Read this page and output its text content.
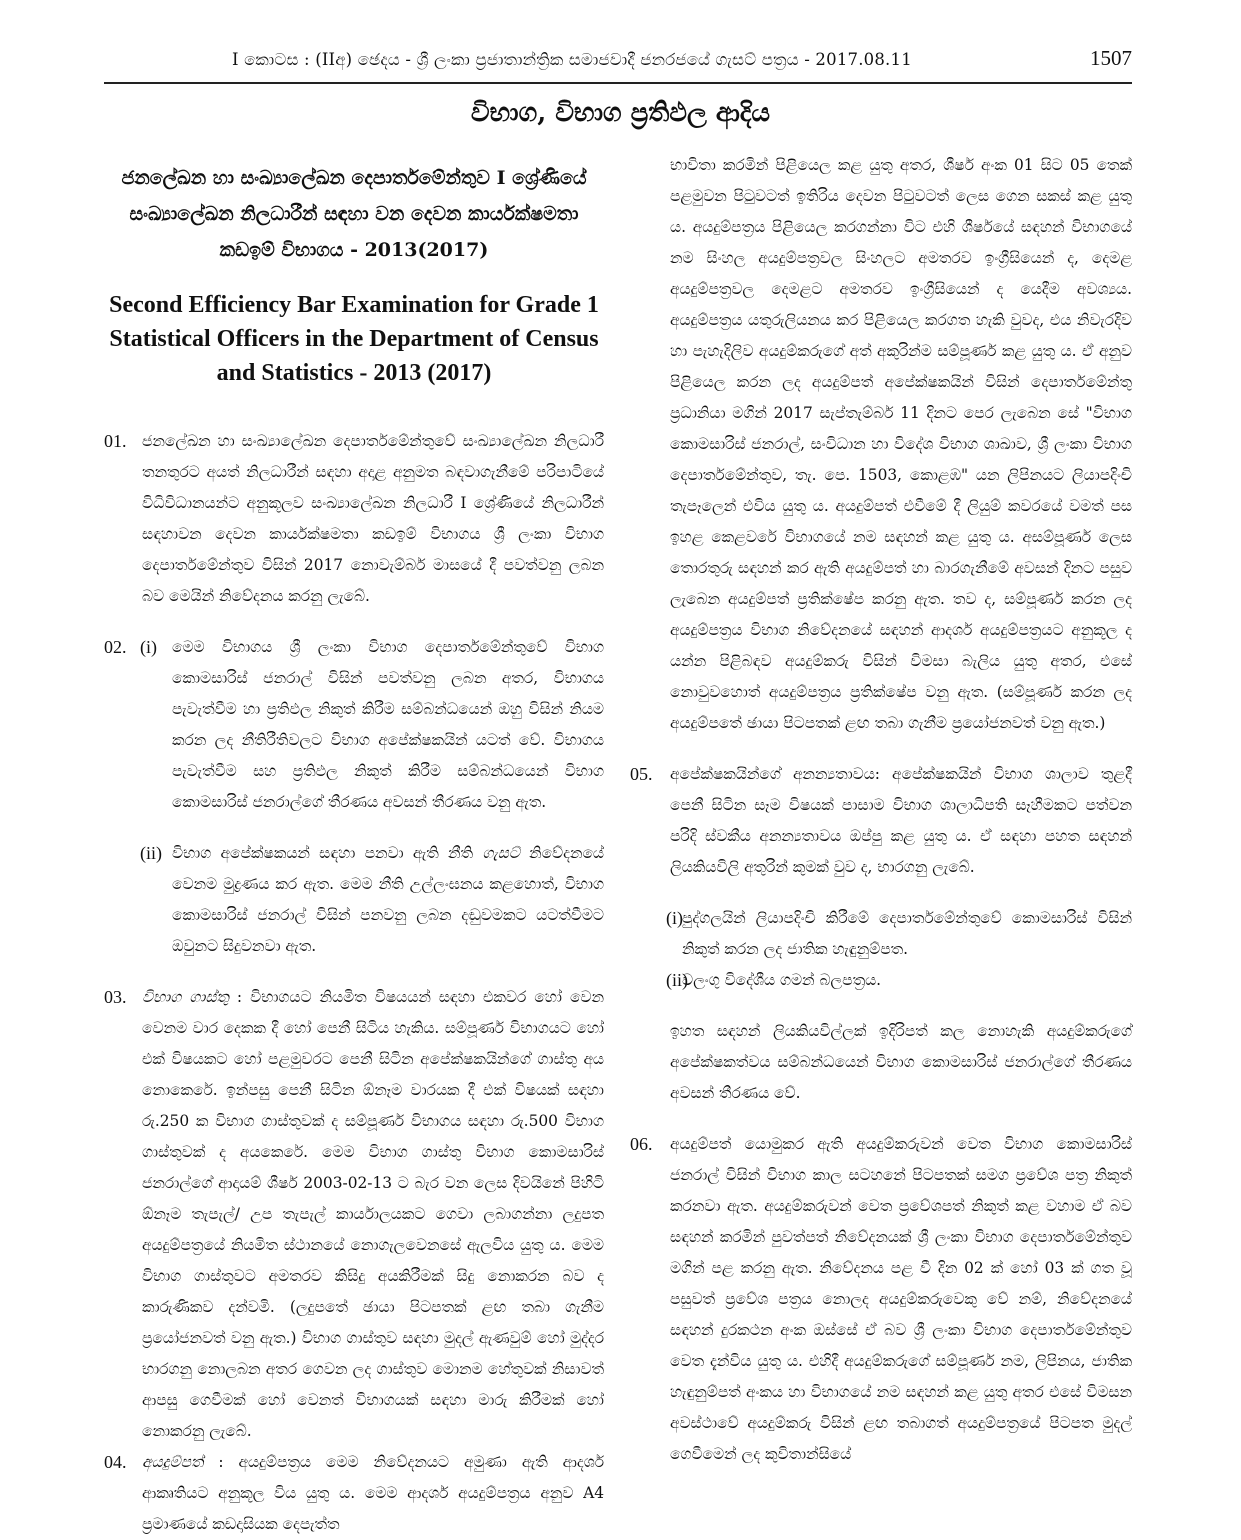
I කොටස : (IIඅ) ඡෙදය - ශ්‍රී ලංකා ප්‍රජාතාන්ත්‍රික සමාජවාදී ජනරජයේ ගැසට් පත්‍රය - 2017.08.11	1507
විභාග, විභාග ප්‍රතිඵල ආදිය
ජනලේඛන හා සංඛ්‍යාලේඛන දෙපාර්තමේන්තුව I ශ්‍රේණියේ සංඛ්‍යාලේඛන නිලධාරීන් සඳහා වන දෙවන කාර්යක්ෂමතා කඩඉම් විභාගය - 2013(2017)
Second Efficiency Bar Examination for Grade 1 Statistical Officers in the Department of Census and Statistics - 2013 (2017)
01. ජනලේඛන හා සංඛ්‍යාලේඛන දෙපාර්තමේන්තුවේ සංඛ්‍යාලේඛන නිලධාරී තනතුරට අයත් නිලධාරීන් සඳහා අදාළ අනුමත බඳවාගැනීමේ පරිපාටියේ විධිවිධානයන්ට අනුකූලව සංඛ්‍යාලේඛන නිලධාරී I ශ්‍රේණියේ නිලධාරීන් සඳහාවන දෙවන කාර්යක්ෂමතා කඩඉම් විභාගය ශ්‍රී ලංකා විභාග දෙපාර්තමේන්තුව විසින් 2017 නොවැම්බර් මාසයේ දී පවත්වනු ලබන බව මෙයින් නිවේදනය කරනු ලැබේ.

02. (i) මෙම විභාගය ශ්‍රී ලංකා විභාග දෙපාර්තමේන්තුවේ විභාග කොමසාරිස් ජනරාල් විසින් පවත්වනු ලබන අතර, විභාගය පැවැත්වීම හා ප්‍රතිඵල නිකුත් කිරීම සම්බන්ධයෙන් ඔහු විසින් නියම කරන ලද නීතිරීතිවලට විභාග අපේක්ෂකයින් යටත් වේ. විභාගය පැවැත්වීම සහ ප්‍රතිඵල නිකුත් කිරීම සම්බන්ධයෙන් විභාග කොමසාරිස් ජනරාල්ගේ තීරණය අවසන් තීරණය වනු ඇත.

(ii) විභාග අපේක්ෂකයන් සඳහා පනවා ඇති නීති ගැසට් නිවේදනයේ වෙනම මුද්‍රණය කර ඇත. මෙම නීති උල්ලංඝනය කළහොත්, විභාග කොමසාරිස් ජනරාල් විසින් පනවනු ලබන දඬුවමකට යටත්වීමට ඔවුනට සිදුවනවා ඇත.

03. විභාග ගාස්තු : විභාගයට නියමිත විෂයයන් සඳහා එකවර හෝ වෙන වෙනම වාර දෙකක දී හෝ පෙනී සිටිය හැකිය. සම්පූර්ණ විභාගයට හෝ එක් විෂයකට හෝ පළමුවරට පෙනී සිටින අපේක්ෂකයින්ගේ ගාස්තු අය නොකෙරේ. ඉන්පසු පෙනී සිටින ඕනෑම වාරයක දී එක් විෂයක් සඳහා රු.250 ක විභාග ගාස්තුවක් ද සම්පූර්ණ විභාගය සඳහා රු.500 විභාග ගාස්තුවක් ද අයකෙරේ. මෙම විභාග ගාස්තු විභාග කොමසාරිස් ජනරාල්ගේ ආදායම් ශීර්ෂ 2003-02-13 ට බැර වන ලෙස දිවයිනේ පිහිටි ඕනෑම තැපැල්/ උප තැපැල් කාර්යාලයකට ගෙවා ලබාගන්නා ලදුපත අයදුම්පත්‍රයේ නියමිත ස්ථානයේ නොගැලවෙනසේ ඇලවිය යුතු ය. මෙම විභාග ගාස්තුවට අමතරව කිසිදු අයකිරීමක් සිදු නොකරන බව ද කාරුණිකව දන්වමි. (ලදුපතේ ඡායා පිටපතක් ළඟ තබා ගැනීම ප්‍රයෝජනවත් වනු ඇත.) විභාග ගාස්තුව සඳහා මුදල් ඇණවුම් හෝ මුද්දර භාරගනු නොලබන අතර ගෙවන ලද ගාස්තුව මොනම හේතුවක් නිසාවත් ආපසු ගෙවීමක් හෝ වෙනත් විභාගයක් සඳහා මාරු කිරීමක් හෝ නොකරනු ලැබේ.

04. අයදුම්පත් : අයදුම්පත්‍රය මෙම නිවේදනයට අමුණා ඇති ආදර්ශ ආකෘතියට අනුකූල විය යුතු ය. මෙම ආදර්ශ අයදුම්පත්‍රය අනුව A4 ප්‍රමාණයේ කඩදාසියක දෙපැත්ත

භාවිතා කරමින් පිළියෙල කළ යුතු අතර, ශීර්ෂ අංක 01 සිට 05 තෙක් පළමුවන පිටුවටත් ඉතිරිය දෙවන පිටුවටත් ලෙස ගෙන සකස් කළ යුතු ය. අයදුම්පත්‍රය පිළියෙල කරගන්නා විට එහි ශීර්ෂයේ සඳහන් විභාගයේ නම සිංහල අයදුම්පත්‍රවල සිංහලට අමතරව ඉංග්‍රීසියෙන් ද, දෙමළ අයදුම්පත්‍රවල දෙමළට අමතරව ඉංග්‍රීසියෙන් ද යෙදීම අවශ්‍යය. අයදුම්පත්‍රය යතුරුලියනය කර පිළියෙල කරගත හැකි වුවද, එය නිවැරදිව හා පැහැදිලිව අයදුම්කරුගේ අත් අකුරින්ම සම්පූර්ණ කළ යුතු ය. ඒ අනුව පිළියෙල කරන ලද අයදුම්පත් අපේක්ෂකයින් විසින් දෙපාර්තමේන්තු ප්‍රධානියා මගින් 2017 සැප්තැම්බර් 11 දිනට පෙර ලැබෙන සේ "විභාග කොමසාරිස් ජනරාල්, සංවිධාන හා විදේශ විභාග ශාඛාව, ශ්‍රී ලංකා විභාග දෙපාර්තමේන්තුව, තැ. පෙ. 1503, කොළඹ" යන ලිපිනයට ලියාපදිංචි තැපෑලෙන් එවිය යුතු ය. අයදුම්පත් එවීමේ දී ලියුම් කවරයේ වමත් පස ඉහළ කෙළවරේ විභාගයේ නම සඳහන් කළ යුතු ය. අසම්පූර්ණ ලෙස තොරතුරු සඳහන් කර ඇති අයදුම්පත් හා බාරගැනීමේ අවසන් දිනට පසුව ලැබෙන අයදුම්පත් ප්‍රතික්ෂේප කරනු ඇත. තව ද, සම්පූර්ණ කරන ලද අයදුම්පත්‍රය විභාග නිවේදනයේ සඳහන් ආදර්ශ අයදුම්පත්‍රයට අනුකූල ද යන්න පිළිබඳව අයදුම්කරු විසින් විමසා බැලිය යුතු අතර, එසේ නොවුවහොත් අයදුම්පත්‍රය ප්‍රතික්ෂේප වනු ඇත. (සම්පූර්ණ කරන ලද අයදුම්පතේ ඡායා පිටපතක් ළඟ තබා ගැනීම ප්‍රයෝජනවත් වනු ඇත.)

05. අපේක්ෂකයින්ගේ අනන්‍යතාවය: අපේක්ෂකයින් විභාග ශාලාව තුළදී පෙනී සිටින සෑම විෂයක් පාසාම විභාග ශාලාධිපති සෑහීමකට පත්වන පරිදි ස්වකීය අනන්‍යතාවය ඔප්පු කළ යුතු ය. ඒ සඳහා පහත සඳහන් ලියකියවිලි අතුරින් කුමක් වුව ද, භාරගනු ලැබේ.

(i) පුද්ගලයින් ලියාපදිංචි කිරීමේ දෙපාර්තමේන්තුවේ කොමසාරිස් විසින් නිකුත් කරන ලද ජාතික හැඳුනුම්පත.

(ii)

වලංගු විදේශීය ගමන් බලපත්‍රය.

ඉහත සඳහන් ලියකියවිල්ලක් ඉදිරිපත් කල නොහැකි අයදුම්කරුගේ අපේක්ෂකත්වය සම්බන්ධයෙන් විභාග කොමසාරිස් ජනරාල්ගේ තීරණය අවසන් තීරණය වේ.

06. අයදුම්පත් යොමුකර ඇති අයදුම්කරුවන් වෙත විභාග කොමසාරිස් ජනරාල් විසින් විභාග කාල සටහනේ පිටපතක් සමග ප්‍රවේශ පත්‍ර නිකුත් කරනවා ඇත. අයදුම්කරුවන් වෙත ප්‍රවේශපත් නිකුත් කළ වහාම ඒ බව සඳහන් කරමින් පුවත්පත් නිවේදනයක් ශ්‍රී ලංකා විභාග දෙපාර්තමේන්තුව මගින් පළ කරනු ඇත. නිවේදනය පළ වී දින 02 ක් හෝ 03 ක් ගත වූ පසුවත් ප්‍රවේශ පත්‍රය නොලද අයදුම්කරුවෙකු වේ නම්, නිවේදනයේ සඳහන් දුරකථන අංක ඔස්සේ ඒ බව ශ්‍රී ලංකා විභාග දෙපාර්තමේන්තුව වෙත දැන්විය යුතු ය. එහිදී අයදුම්කරුගේ සම්පූර්ණ නම, ලිපිනය, ජාතික හැඳුනුම්පත් අංකය හා විභාගයේ නම සඳහන් කළ යුතු අතර එසේ විමසන අවස්ථාවේ අයදුම්කරු විසින් ළඟ තබාගත් අයදුම්පත්‍රයේ පිටපත මුදල් ගෙවීමෙන් ලද කුවිතාන්සියේ
